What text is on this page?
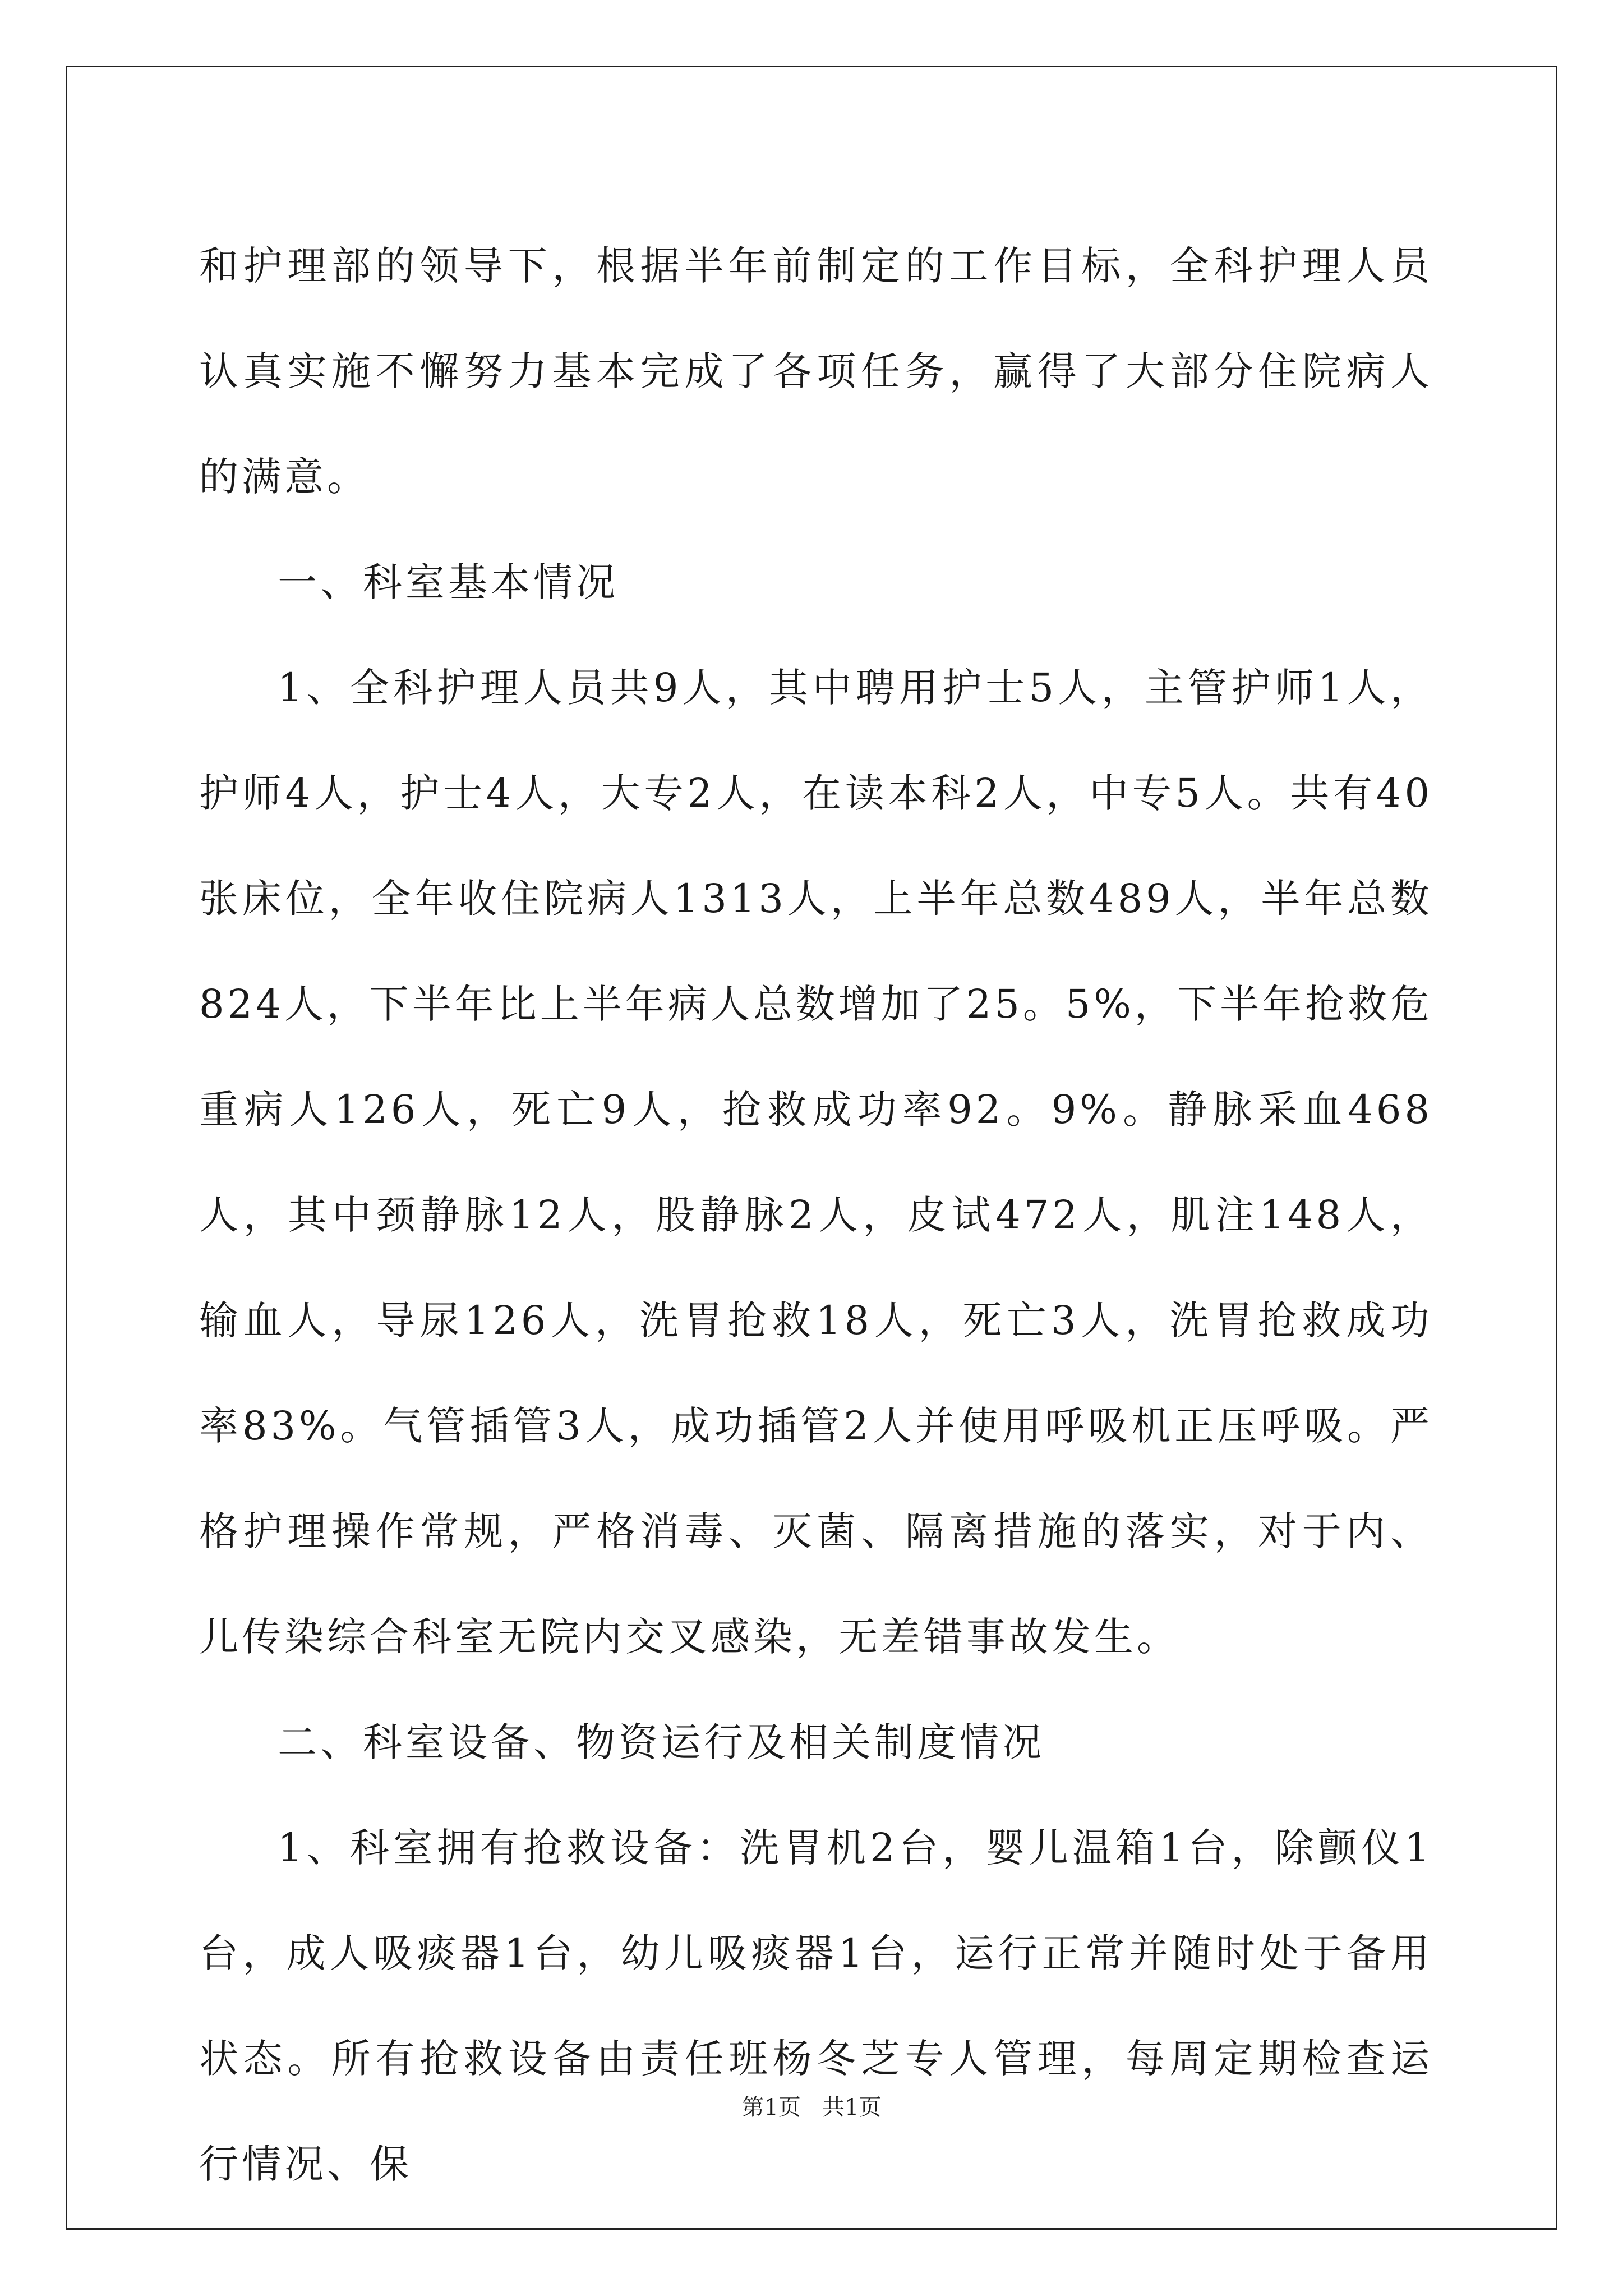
和护理部的领导下，根据半年前制定的工作目标，全科护理人员认真实施不懈努力基本完成了各项任务，赢得了大部分住院病人的满意。

一、科室基本情况

1、全科护理人员共9人，其中聘用护士5人，主管护师1人，护师4人，护士4人，大专2人，在读本科2人，中专5人。共有40张床位，全年收住院病人1313人，上半年总数489人，半年总数824人，下半年比上半年病人总数增加了25。5%，下半年抢救危重病人126人，死亡9人，抢救成功率92。9%。静脉采血468人，其中颈静脉12人，股静脉2人，皮试472人，肌注148人，输血人，导尿126人，洗胃抢救18人，死亡3人，洗胃抢救成功率83%。气管插管3人，成功插管2人并使用呼吸机正压呼吸。严格护理操作常规，严格消毒、灭菌、隔离措施的落实，对于内、儿传染综合科室无院内交叉感染，无差错事故发生。

二、科室设备、物资运行及相关制度情况

1、科室拥有抢救设备：洗胃机2台，婴儿温箱1台，除颤仪1台，成人吸痰器1台，幼儿吸痰器1台，运行正常并随时处于备用状态。所有抢救设备由责任班杨冬芝专人管理，每周定期检查运行情况、保

第1页   共1页
